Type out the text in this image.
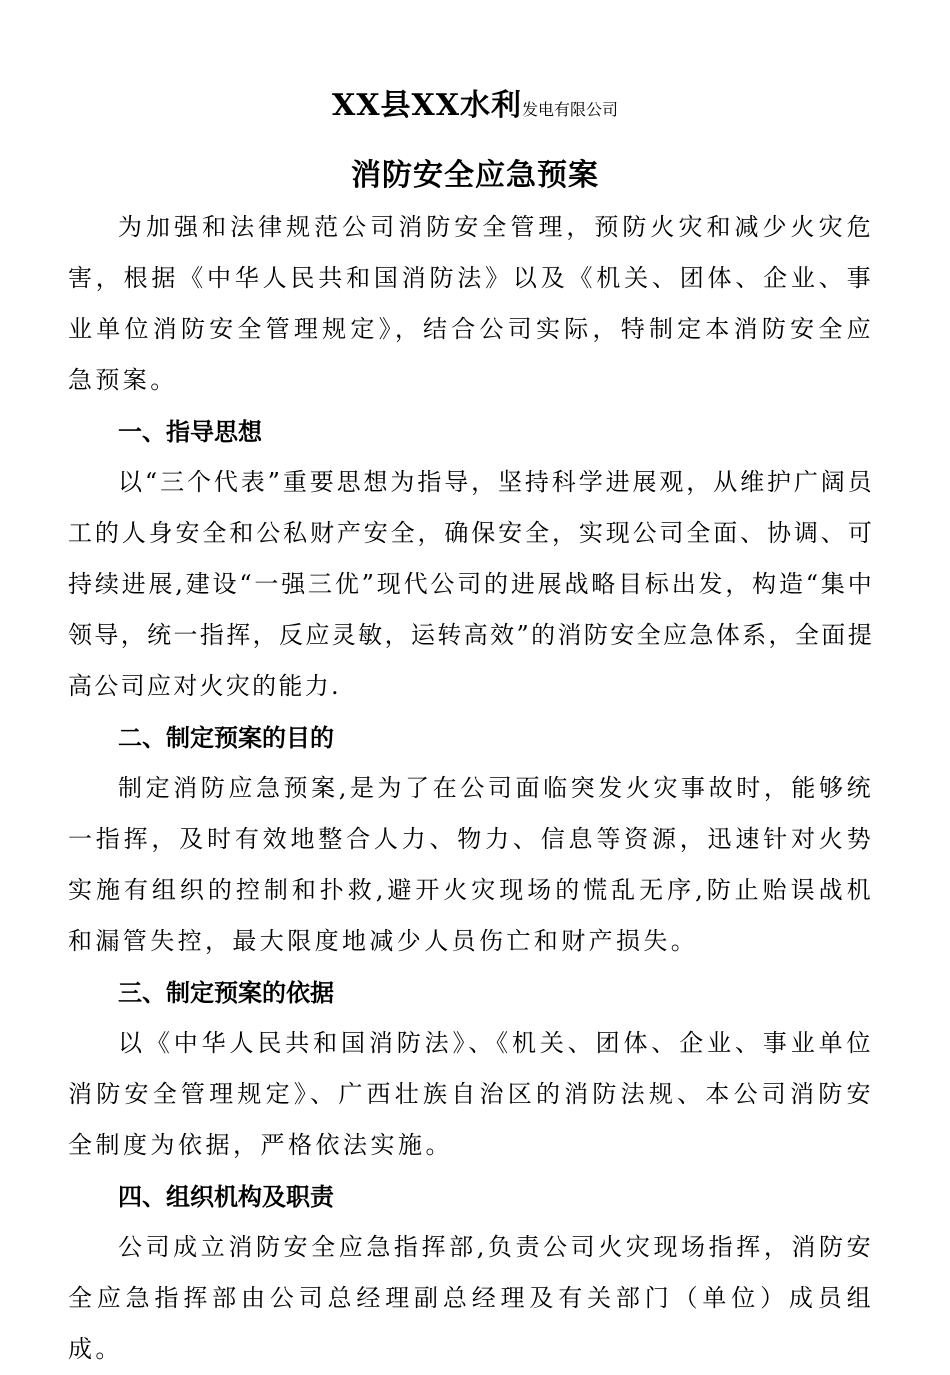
XX县XX水利发电有限公司
消防安全应急预案

为加强和法律规范公司消防安全管理，预防火灾和减少火灾危害，根据《中华人民共和国消防法》以及《机关、团体、企业、事业单位消防安全管理规定》，结合公司实际，特制定本消防安全应急预案。

一、指导思想

以“三个代表”重要思想为指导，坚持科学进展观，从维护广阔员工的人身安全和公私财产安全，确保安全，实现公司全面、协调、可持续进展,建设“一强三优”现代公司的进展战略目标出发，构造“集中领导，统一指挥，反应灵敏，运转高效”的消防安全应急体系，全面提高公司应对火灾的能力.

二、制定预案的目的

制定消防应急预案,是为了在公司面临突发火灾事故时，能够统一指挥，及时有效地整合人力、物力、信息等资源，迅速针对火势实施有组织的控制和扑救,避开火灾现场的慌乱无序,防止贻误战机和漏管失控，最大限度地减少人员伤亡和财产损失。

三、制定预案的依据

以《中华人民共和国消防法》、《机关、团体、企业、事业单位消防安全管理规定》、广西壮族自治区的消防法规、本公司消防安全制度为依据，严格依法实施。

四、组织机构及职责

公司成立消防安全应急指挥部,负责公司火灾现场指挥，消防安全应急指挥部由公司总经理副总经理及有关部门（单位）成员组成。
